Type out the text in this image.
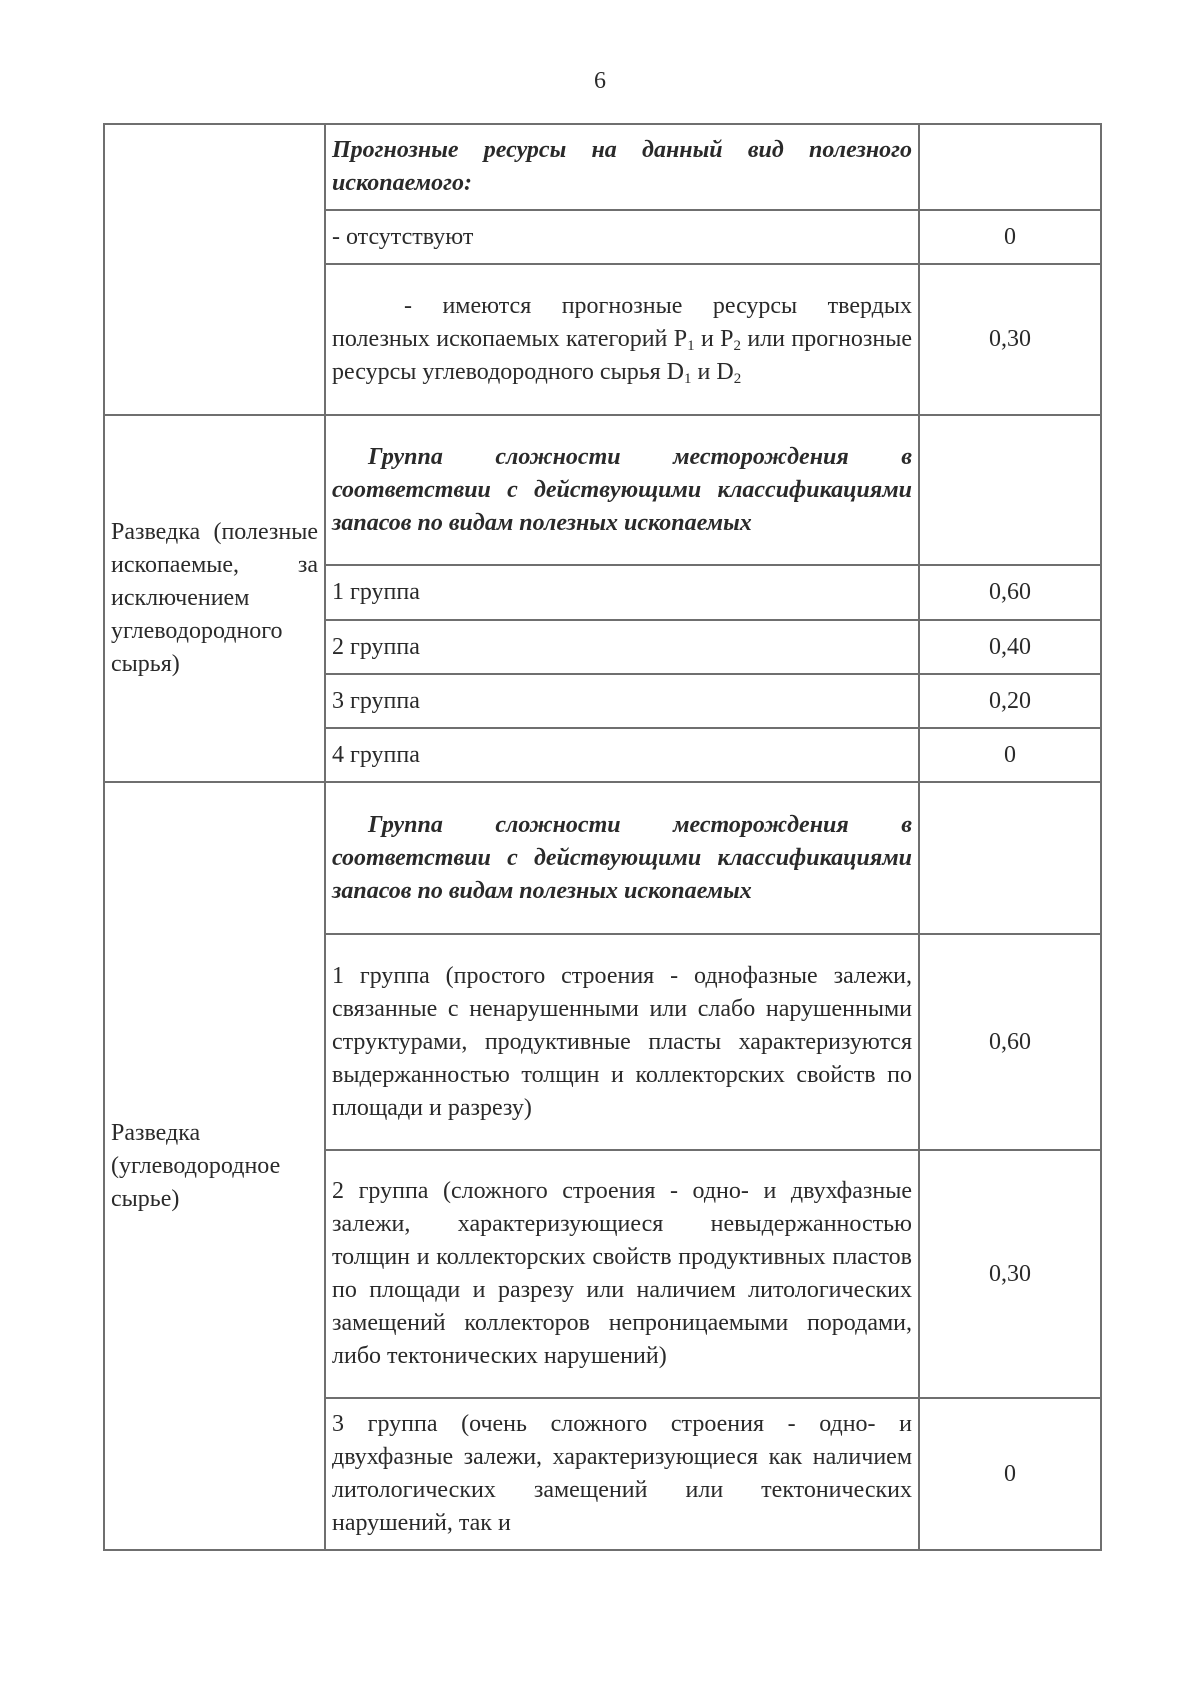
6
	Прогнозные ресурсы на данный вид полезного ископаемого:	
	- отсутствуют	0
	- имеются прогнозные ресурсы твердых полезных ископаемых категорий $P_1$ и $P_2$ или прогнозные ресурсы углеводородного сырья $D_1$ и $D_2$	0,30
Разведка (полезные ископаемые, за исключением углеводородного сырья)	Группа сложности месторождения в соответствии с действующими классификациями запасов по видам полезных ископаемых	
	1 группа	0,60
	2 группа	0,40
	3 группа	0,20
	4 группа	0
Разведка (углеводородное сырье)	Группа сложности месторождения в соответствии с действующими классификациями запасов по видам полезных ископаемых	
	1 группа (простого строения - однофазные залежи, связанные с ненарушенными или слабо нарушенными структурами, продуктивные пласты характеризуются выдержанностью толщин и коллекторских свойств по площади и разрезу)	0,60
	2 группа (сложного строения - одно- и двухфазные залежи, характеризующиеся невыдержанностью толщин и коллекторских свойств продуктивных пластов по площади и разрезу или наличием литологических замещений коллекторов непроницаемыми породами, либо тектонических нарушений)	0,30
	3 группа (очень сложного строения - одно- и двухфазные залежи, характеризующиеся как наличием литологических замещений или тектонических нарушений, так и	0
